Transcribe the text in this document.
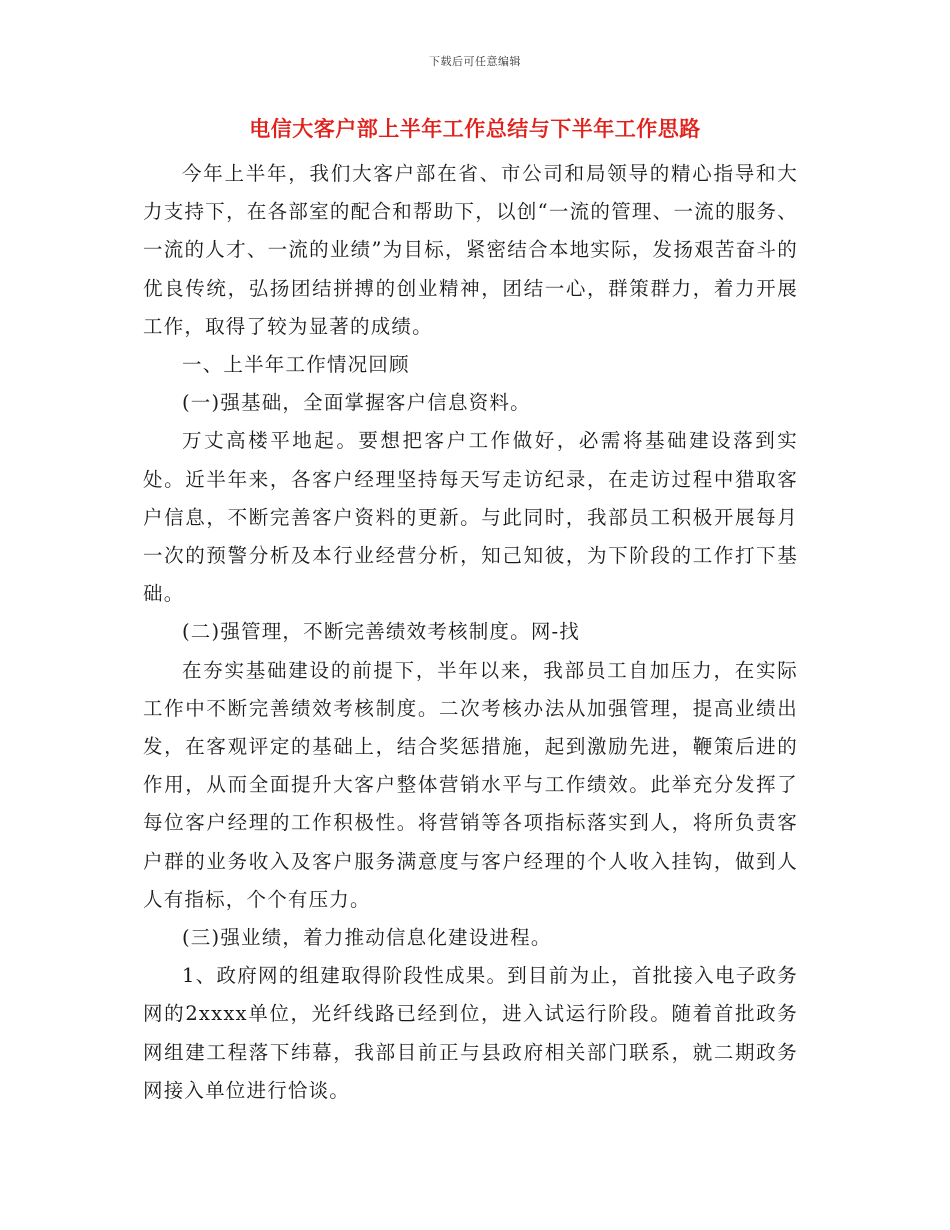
下载后可任意编辑
电信大客户部上半年工作总结与下半年工作思路

今年上半年，我们大客户部在省、市公司和局领导的精心指导和大力支持下，在各部室的配合和帮助下，以创“一流的管理、一流的服务、一流的人才、一流的业绩”为目标，紧密结合本地实际，发扬艰苦奋斗的优良传统，弘扬团结拼搏的创业精神，团结一心，群策群力，着力开展工作，取得了较为显著的成绩。

一、上半年工作情况回顾

(一)强基础，全面掌握客户信息资料。

万丈高楼平地起。要想把客户工作做好，必需将基础建设落到实处。近半年来，各客户经理坚持每天写走访纪录，在走访过程中猎取客户信息，不断完善客户资料的更新。与此同时，我部员工积极开展每月一次的预警分析及本行业经营分析，知己知彼，为下阶段的工作打下基础。

(二)强管理，不断完善绩效考核制度。网-找

在夯实基础建设的前提下，半年以来，我部员工自加压力，在实际工作中不断完善绩效考核制度。二次考核办法从加强管理，提高业绩出发，在客观评定的基础上，结合奖惩措施，起到激励先进，鞭策后进的作用，从而全面提升大客户整体营销水平与工作绩效。此举充分发挥了每位客户经理的工作积极性。将营销等各项指标落实到人，将所负责客户群的业务收入及客户服务满意度与客户经理的个人收入挂钩，做到人人有指标，个个有压力。

(三)强业绩，着力推动信息化建设进程。

1、政府网的组建取得阶段性成果。到目前为止，首批接入电子政务网的2xxxx单位，光纤线路已经到位，进入试运行阶段。随着首批政务网组建工程落下纬幕，我部目前正与县政府相关部门联系，就二期政务网接入单位进行恰谈。
